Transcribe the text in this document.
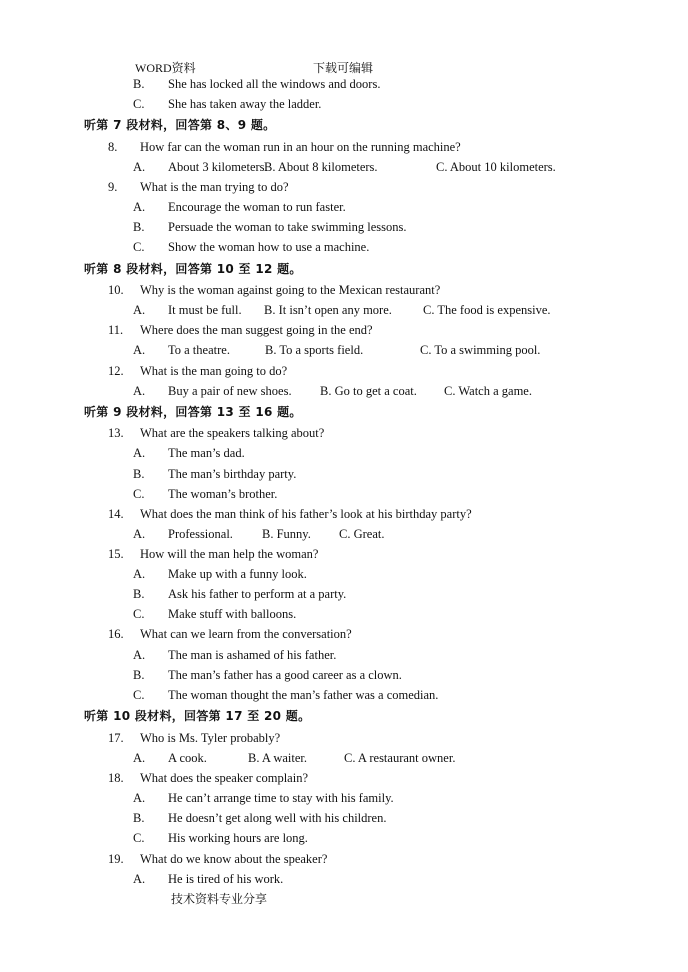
WORD资料	下载可编辑
B. She has locked all the windows and doors.
C. She has taken away the ladder.
听第 7 段材料，回答第 8、9 题。
8. How far can the woman run in an hour on the running machine?
A. About 3 kilometers.
B. About 8 kilometers.	C. About 10 kilometers.
9. What is the man trying to do?
A. Encourage the woman to run faster.
B. Persuade the woman to take swimming lessons.
C. Show the woman how to use a machine.
听第 8 段材料，回答第 10 至 12 题。
10. Why is the woman against going to the Mexican restaurant?
A. It must be full. B. It isn’t open any more. C. The food is expensive.
11. Where does the man suggest going in the end?
A. To a theatre.	B. To a sports field.	C. To a swimming pool.
12. What is the man going to do?
A. Buy a pair of new shoes. B. Go to get a coat. C. Watch a game.
听第 9 段材料，回答第 13 至 16 题。
13. What are the speakers talking about?
A. The man’s dad.
B. The man’s birthday party.
C. The woman’s brother.
14. What does the man think of his father’s look at his birthday party?
A. Professional. B. Funny. C. Great.
15. How will the man help the woman?
A. Make up with a funny look.
B. Ask his father to perform at a party.
C. Make stuff with balloons.
16. What can we learn from the conversation?
A. The man is ashamed of his father.
B. The man’s father has a good career as a clown.
C. The woman thought the man’s father was a comedian.
听第 10 段材料，回答第 17 至 20 题。
17. Who is Ms. Tyler probably?
A. A cook.	B. A waiter.	C. A restaurant owner.
18. What does the speaker complain?
A. He can’t arrange time to stay with his family.
B. He doesn’t get along well with his children.
C. His working hours are long.
19. What do we know about the speaker?
A. He is tired of his work.
技术资料专业分享
